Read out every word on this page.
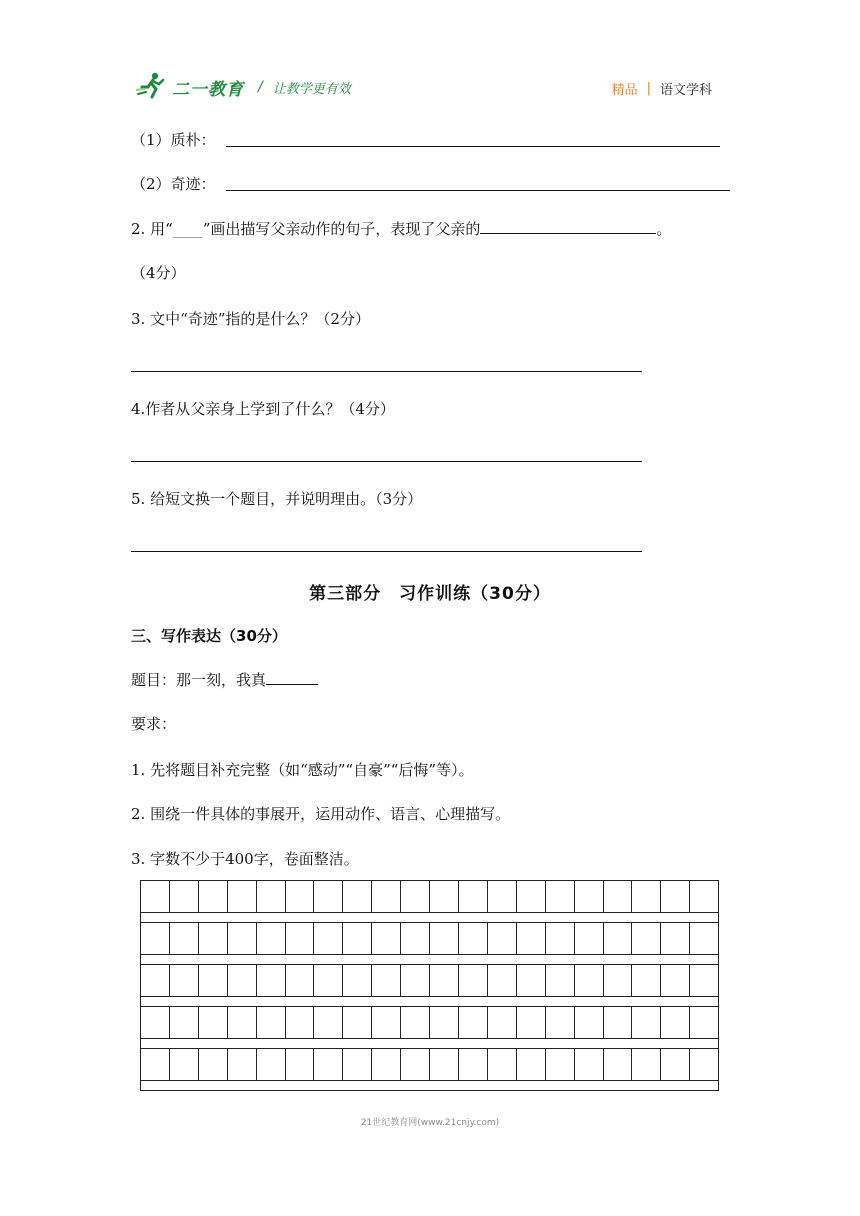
二一教育 / 让教学更有效	精品 | 语文学科
（1）质朴：
（2）奇迹：
2. 用“____”画出描写父亲动作的句子，表现了父亲的	。
（4分）
3. 文中“奇迹”指的是什么？（2分）
4.作者从父亲身上学到了什么？（4分）
5. 给短文换一个题目，并说明理由。（3分）
第三部分　习作训练（30分）
三、写作表达（30分）
题目：那一刻，我真
要求：
1. 先将题目补充完整（如“感动”“自豪”“后悔”等）。
2. 围绕一件具体的事展开，运用动作、语言、心理描写。
3. 字数不少于400字，卷面整洁。
21世纪教育网(www.21cnjy.com)
